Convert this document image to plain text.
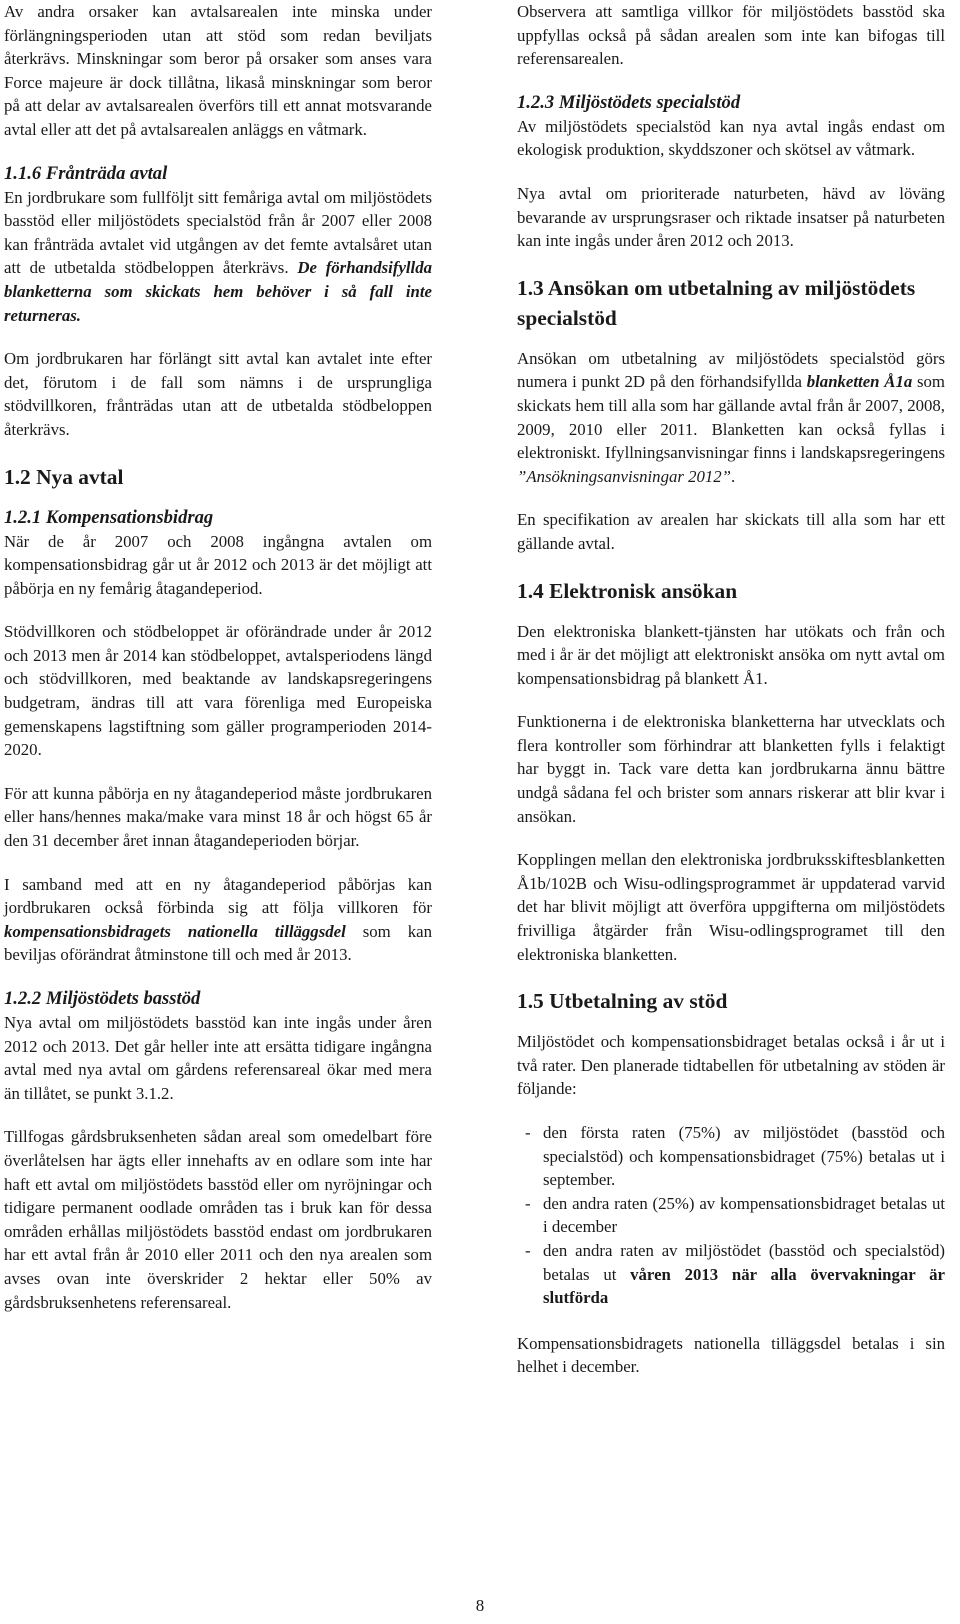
Av andra orsaker kan avtalsarealen inte minska under förlängningsperioden utan att stöd som redan beviljats återkrävs. Minskningar som beror på orsaker som anses vara Force majeure är dock tillåtna, likaså minskningar som beror på att delar av avtalsarealen överförs till ett annat motsvarande avtal eller att det på avtalsarealen anläggs en våtmark.

1.1.6 Frånträda avtal

En jordbrukare som fullföljt sitt femåriga avtal om miljöstödets basstöd eller miljöstödets specialstöd från år 2007 eller 2008 kan frånträda avtalet vid utgången av det femte avtalsåret utan att de utbetalda stödbeloppen återkrävs. De förhandsifyllda blanketterna som skickats hem behöver i så fall inte returneras.

Om jordbrukaren har förlängt sitt avtal kan avtalet inte efter det, förutom i de fall som nämns i de ursprungliga stödvillkoren, frånträdas utan att de utbetalda stödbeloppen återkrävs.

1.2 Nya avtal
1.2.1 Kompensationsbidrag

När de år 2007 och 2008 ingångna avtalen om kompensationsbidrag går ut år 2012 och 2013 är det möjligt att påbörja en ny femårig åtagandeperiod.

Stödvillkoren och stödbeloppet är oförändrade under år 2012 och 2013 men år 2014 kan stödbeloppet, avtalsperiodens längd och stödvillkoren, med beaktande av landskapsregeringens budgetram, ändras till att vara förenliga med Europeiska gemenskapens lagstiftning som gäller programperioden 2014-2020.

För att kunna påbörja en ny åtagandeperiod måste jordbrukaren eller hans/hennes maka/make vara minst 18 år och högst 65 år den 31 december året innan åtagandeperioden börjar.

I samband med att en ny åtagandeperiod påbörjas kan jordbrukaren också förbinda sig att följa villkoren för kompensationsbidragets nationella tilläggsdel som kan beviljas oförändrat åtminstone till och med år 2013.

1.2.2 Miljöstödets basstöd

Nya avtal om miljöstödets basstöd kan inte ingås under åren 2012 och 2013. Det går heller inte att ersätta tidigare ingångna avtal med nya avtal om gårdens referensareal ökar med mera än tillåtet, se punkt 3.1.2.

Tillfogas gårdsbruksenheten sådan areal som omedelbart före överlåtelsen har ägts eller innehafts av en odlare som inte har haft ett avtal om miljöstödets basstöd eller om nyröjningar och tidigare permanent oodlade områden tas i bruk kan för dessa områden erhållas miljöstödets basstöd endast om jordbrukaren har ett avtal från år 2010 eller 2011 och den nya arealen som avses ovan inte överskrider 2 hektar eller 50% av gårdsbruksenhetens referensareal.

Observera att samtliga villkor för miljöstödets basstöd ska uppfyllas också på sådan arealen som inte kan bifogas till referensarealen.

1.2.3 Miljöstödets specialstöd

Av miljöstödets specialstöd kan nya avtal ingås endast om ekologisk produktion, skyddszoner och skötsel av våtmark.

Nya avtal om prioriterade naturbeten, hävd av löväng bevarande av ursprungsraser och riktade insatser på naturbeten kan inte ingås under åren 2012 och 2013.

1.3 Ansökan om utbetalning av miljöstödets specialstöd

Ansökan om utbetalning av miljöstödets specialstöd görs numera i punkt 2D på den förhandsifyllda blanketten Å1a som skickats hem till alla som har gällande avtal från år 2007, 2008, 2009, 2010 eller 2011. Blanketten kan också fyllas i elektroniskt. Ifyllningsanvisningar finns i landskapsregeringens ”Ansökningsanvisningar 2012”.

En specifikation av arealen har skickats till alla som har ett gällande avtal.

1.4 Elektronisk ansökan

Den elektroniska blankett-tjänsten har utökats och från och med i år är det möjligt att elektroniskt ansöka om nytt avtal om kompensationsbidrag på blankett Å1.

Funktionerna i de elektroniska blanketterna har utvecklats och flera kontroller som förhindrar att blanketten fylls i felaktigt har byggt in. Tack vare detta kan jordbrukarna ännu bättre undgå sådana fel och brister som annars riskerar att blir kvar i ansökan.

Kopplingen mellan den elektroniska jordbruksskiftesblanketten Å1b/102B och Wisu-odlingsprogrammet är uppdaterad varvid det har blivit möjligt att överföra uppgifterna om miljöstödets frivilliga åtgärder från Wisu-odlingsprogramet till den elektroniska blanketten.

1.5 Utbetalning av stöd

Miljöstödet och kompensationsbidraget betalas också i år ut i två rater. Den planerade tidtabellen för utbetalning av stöden är följande:

- den första raten (75%) av miljöstödet (basstöd och specialstöd) och kompensationsbidraget (75%) betalas ut i september.
- den andra raten (25%) av kompensationsbidraget betalas ut i december
- den andra raten av miljöstödet (basstöd och specialstöd) betalas ut våren 2013 när alla övervakningar är slutförda

Kompensationsbidragets nationella tilläggsdel betalas i sin helhet i december.

8
